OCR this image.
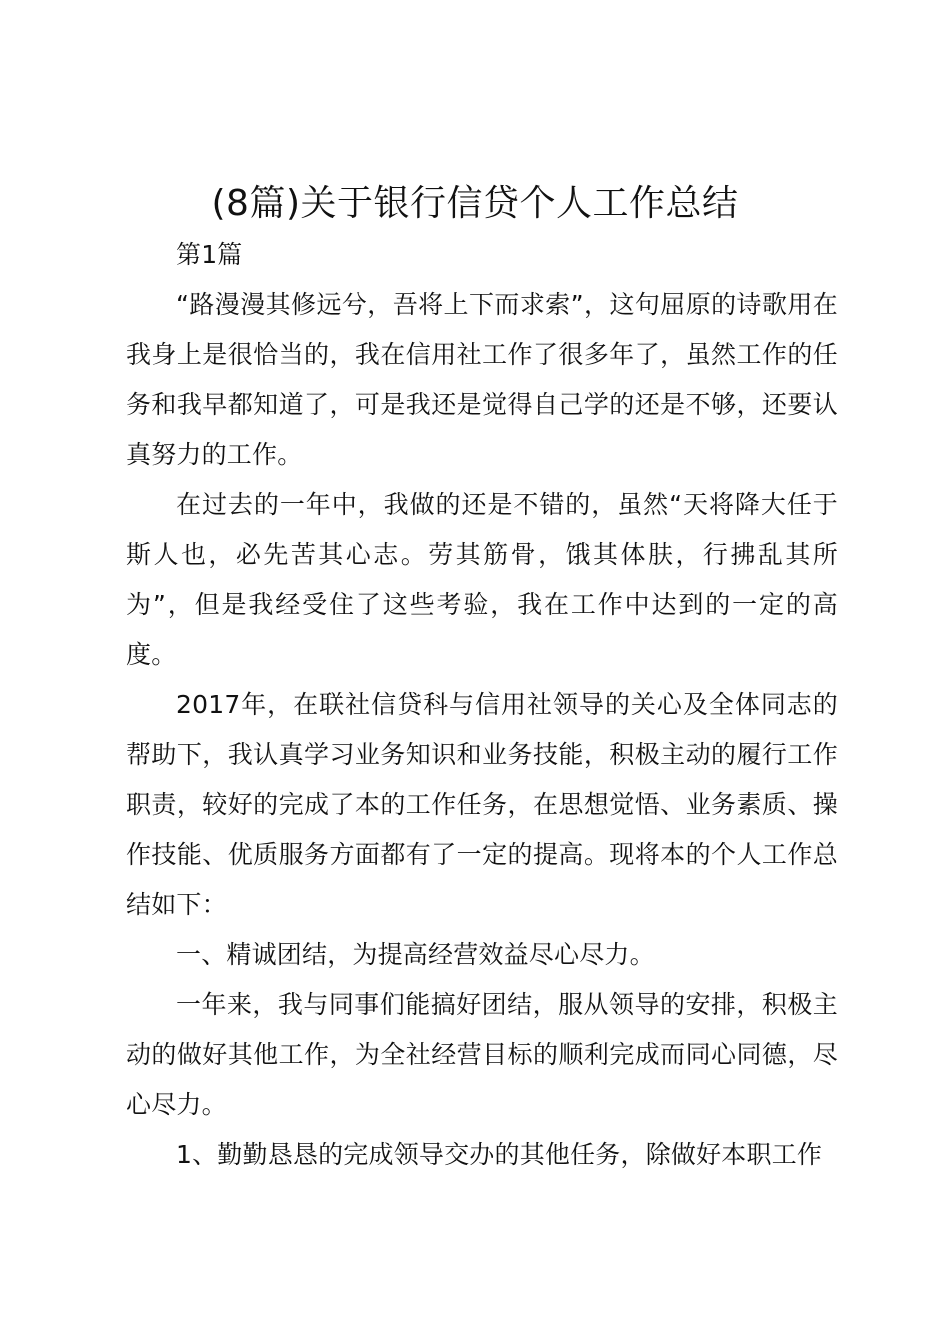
(8篇)关于银行信贷个人工作总结

第1篇

“路漫漫其修远兮，吾将上下而求索”，这句屈原的诗歌用在我身上是很恰当的，我在信用社工作了很多年了，虽然工作的任务和我早都知道了，可是我还是觉得自己学的还是不够，还要认真努力的工作。

在过去的一年中，我做的还是不错的，虽然“天将降大任于斯人也，必先苦其心志。劳其筋骨，饿其体肤，行拂乱其所为”，但是我经受住了这些考验，我在工作中达到的一定的高度。

2017年，在联社信贷科与信用社领导的关心及全体同志的帮助下，我认真学习业务知识和业务技能，积极主动的履行工作职责，较好的完成了本的工作任务，在思想觉悟、业务素质、操作技能、优质服务方面都有了一定的提高。现将本的个人工作总结如下：

一、精诚团结，为提高经营效益尽心尽力。

一年来，我与同事们能搞好团结，服从领导的安排，积极主动的做好其他工作，为全社经营目标的顺利完成而同心同德，尽心尽力。

1、勤勤恳恳的完成领导交办的其他任务，除做好本职工作
